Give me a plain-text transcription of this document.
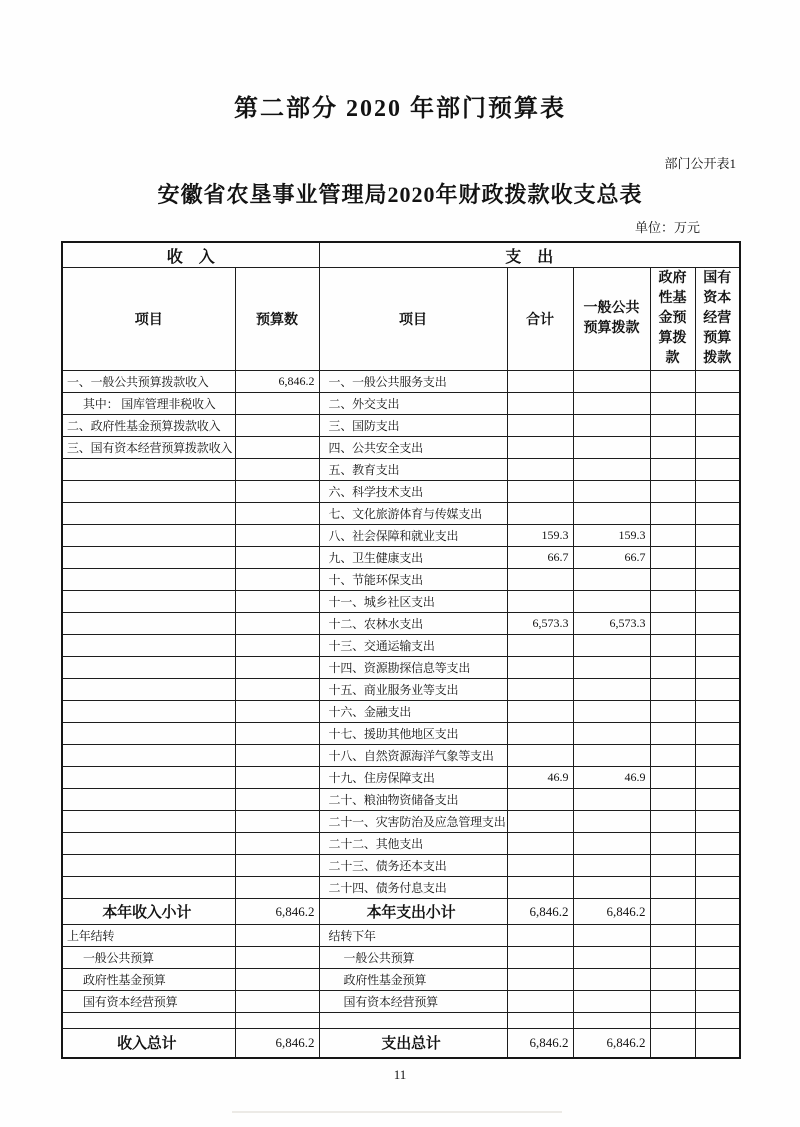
第二部分 2020 年部门预算表
部门公开表1
安徽省农垦事业管理局2020年财政拨款收支总表
单位：万元
收　入		支　出				
项目	预算数	项目	合计	一般公共预算拨款	政府性基金预算拨款	国有资本经营预算拨款
一、一般公共预算拨款收入	6,846.2	一、一般公共服务支出				
其中： 国库管理非税收入		二、外交支出				
二、政府性基金预算拨款收入		三、国防支出				
三、国有资本经营预算拨款收入		四、公共安全支出				
		五、教育支出				
		六、科学技术支出				
		七、文化旅游体育与传媒支出				
		八、社会保障和就业支出	159.3	159.3		
		九、卫生健康支出	66.7	66.7		
		十、节能环保支出				
		十一、城乡社区支出				
		十二、农林水支出	6,573.3	6,573.3		
		十三、交通运输支出				
		十四、资源勘探信息等支出				
		十五、商业服务业等支出				
		十六、金融支出				
		十七、援助其他地区支出				
		十八、自然资源海洋气象等支出				
		十九、住房保障支出	46.9	46.9		
		二十、粮油物资储备支出				
		二十一、灾害防治及应急管理支出				
		二十二、其他支出				
		二十三、债务还本支出				
		二十四、债务付息支出				
本年收入小计	6,846.2	本年支出小计	6,846.2	6,846.2		
上年结转		结转下年				
一般公共预算		一般公共预算				
政府性基金预算		政府性基金预算				
国有资本经营预算		国有资本经营预算				

收入总计	6,846.2	支出总计	6,846.2	6,846.2		
11
